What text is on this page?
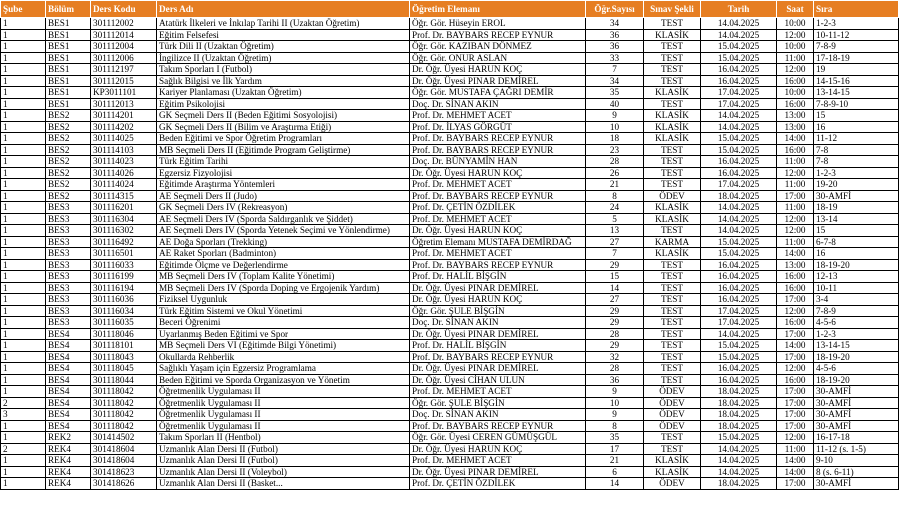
Şube	Bölüm	Ders Kodu	Ders Adı	Öğretim Elemanı	Öğr.Sayısı	Sınav Şekli	Tarih	Saat	Sıra
1	BES1	301112002	Atatürk İlkeleri ve İnkılap Tarihi II (Uzaktan Öğretim)	Öğr. Gör. Hüseyin EROL	34	TEST	14.04.2025	10:00	1-2-3
1	BES1	301112014	Eğitim Felsefesi	Prof. Dr. BAYBARS RECEP EYNUR	36	KLASİK	14.04.2025	12:00	10-11-12
1	BES1	301112004	Türk Dili II (Uzaktan Öğretim)	Öğr. Gör. KAZIBAN DÖNMEZ	36	TEST	15.04.2025	10:00	7-8-9
1	BES1	301112006	İngilizce II (Uzaktan Öğretim)	Öğr. Gör. ONUR ASLAN	33	TEST	15.04.2025	11:00	17-18-19
1	BES1	301112197	Takım Sporları I (Futbol)	Dr. Öğr. Üyesi HARUN KOÇ	7	TEST	16.04.2025	12:00	19
1	BES1	301112015	Sağlık Bilgisi ve İlk Yardım	Dr. Öğr. Üyesi PINAR DEMİREL	34	TEST	16.04.2025	16:00	14-15-16
1	BES1	KP3011101	Kariyer Planlaması (Uzaktan Öğretim)	Öğr. Gör. MUSTAFA ÇAĞRI DEMİR	35	KLASİK	17.04.2025	10:00	13-14-15
1	BES1	301112013	Eğitim Psikolojisi	Doç. Dr. SİNAN AKIN	40	TEST	17.04.2025	16:00	7-8-9-10
1	BES2	301114201	GK Seçmeli Ders II (Beden Eğitimi Sosyolojisi)	Prof. Dr. MEHMET ACET	9	KLASİK	14.04.2025	13:00	15
1	BES2	301114202	GK Seçmeli Ders II (Bilim ve Araştırma Etiği)	Prof. Dr. İLYAS GÖRGÜT	10	KLASİK	14.04.2025	13:00	16
1	BES2	301114025	Beden Eğitimi ve Spor Öğretim Programları	Prof. Dr. BAYBARS RECEP EYNUR	18	KLASİK	15.04.2025	14:00	11-12
1	BES2	301114103	MB Seçmeli Ders II (Eğitimde Program Geliştirme)	Prof. Dr. BAYBARS RECEP EYNUR	23	TEST	15.04.2025	16:00	7-8
1	BES2	301114023	Türk Eğitim Tarihi	Doç. Dr. BÜNYAMİN HAN	28	TEST	16.04.2025	11:00	7-8
1	BES2	301114026	Egzersiz Fizyolojisi	Dr. Öğr. Üyesi HARUN KOÇ	26	TEST	16.04.2025	12:00	1-2-3
1	BES2	301114024	Eğitimde Araştırma Yöntemleri	Prof. Dr. MEHMET ACET	21	TEST	17.04.2025	11:00	19-20
1	BES2	301114315	AE Seçmeli Ders II (Judo)	Prof. Dr. BAYBARS RECEP EYNUR	8	ÖDEV	18.04.2025	17:00	30-AMFİ
1	BES3	301116201	GK Seçmeli Ders IV (Rekreasyon)	Prof. Dr. ÇETİN ÖZDİLEK	24	KLASİK	14.04.2025	11:00	18-19
1	BES3	301116304	AE Seçmeli Ders IV (Sporda Saldırganlık ve Şiddet)	Prof. Dr. MEHMET ACET	5	KLASİK	14.04.2025	12:00	13-14
1	BES3	301116302	AE Seçmeli Ders IV (Sporda Yetenek Seçimi ve Yönlendirme)	Dr. Öğr. Üyesi HARUN KOÇ	13	TEST	14.04.2025	12:00	15
1	BES3	301116492	AE Doğa Sporları (Trekking)	Öğretim Elemanı MUSTAFA DEMİRDAĞ	27	KARMA	15.04.2025	11:00	6-7-8
1	BES3	301116501	AE Raket Sporları (Badminton)	Prof. Dr. MEHMET ACET	7	KLASİK	15.04.2025	14:00	16
1	BES3	301116033	Eğitimde Ölçme ve Değerlendirme	Prof. Dr. BAYBARS RECEP EYNUR	29	TEST	16.04.2025	13:00	18-19-20
1	BES3	301116199	MB Seçmeli Ders IV (Toplam Kalite Yönetimi)	Prof. Dr. HALİL BİŞGİN	15	TEST	16.04.2025	16:00	12-13
1	BES3	301116194	MB Seçmeli Ders IV (Sporda Doping ve Ergojenik Yardım)	Dr. Öğr. Üyesi PINAR DEMİREL	14	TEST	16.04.2025	16:00	10-11
1	BES3	301116036	Fiziksel Uygunluk	Dr. Öğr. Üyesi HARUN KOÇ	27	TEST	16.04.2025	17:00	3-4
1	BES3	301116034	Türk Eğitim Sistemi ve Okul Yönetimi	Öğr. Gör. ŞULE BİŞGİN	29	TEST	17.04.2025	12:00	7-8-9
1	BES3	301116035	Beceri Öğrenimi	Doç. Dr. SİNAN AKIN	29	TEST	17.04.2025	16:00	4-5-6
1	BES4	301118046	Uyarlanmış Beden Eğitimi ve Spor	Dr. Öğr. Üyesi PINAR DEMİREL	28	TEST	14.04.2025	17:00	1-2-3
1	BES4	301118101	MB Seçmeli Ders VI (Eğitimde Bilgi Yönetimi)	Prof. Dr. HALİL BİŞGİN	29	TEST	15.04.2025	14:00	13-14-15
1	BES4	301118043	Okullarda Rehberlik	Prof. Dr. BAYBARS RECEP EYNUR	32	TEST	15.04.2025	17:00	18-19-20
1	BES4	301118045	Sağlıklı Yaşam için Egzersiz Programlama	Dr. Öğr. Üyesi PINAR DEMİREL	28	TEST	16.04.2025	12:00	4-5-6
1	BES4	301118044	Beden Eğitimi ve Sporda Organizasyon ve Yönetim	Dr. Öğr. Üyesi CİHAN ULUN	36	TEST	16.04.2025	16:00	18-19-20
1	BES4	301118042	Öğretmenlik Uygulaması II	Prof. Dr. MEHMET ACET	9	ÖDEV	18.04.2025	17:00	30-AMFİ
2	BES4	301118042	Öğretmenlik Uygulaması II	Öğr. Gör. ŞULE BİŞGİN	10	ÖDEV	18.04.2025	17:00	30-AMFİ
3	BES4	301118042	Öğretmenlik Uygulaması II	Doç. Dr. SİNAN AKIN	9	ÖDEV	18.04.2025	17:00	30-AMFİ
1	BES4	301118042	Öğretmenlik Uygulaması II	Prof. Dr. BAYBARS RECEP EYNUR	8	ÖDEV	18.04.2025	17:00	30-AMFİ
1	REK2	301414502	Takım Sporları II (Hentbol)	Öğr. Gör. Üyesi CEREN GÜMÜŞGÜL	35	TEST	15.04.2025	12:00	16-17-18
2	REK4	301418604	Uzmanlık Alan Dersi II (Futbol)	Dr. Öğr. Üyesi HARUN KOÇ	17	TEST	14.04.2025	11:00	11-12 (s. 1-5)
1	REK4	301418604	Uzmanlık Alan Dersi II (Futbol)	Prof. Dr. MEHMET ACET	21	KLASİK	14.04.2025	14:00	9-10
1	REK4	301418623	Uzmanlık Alan Dersi II (Voleybol)	Dr. Öğr. Üyesi PINAR DEMİREL	6	KLASİK	14.04.2025	14:00	8 (s. 6-11)
1	REK4	301418626	Uzmanlık Alan Dersi II (Basket...	Prof. Dr. ÇETİN ÖZDİLEK	14	ÖDEV	18.04.2025	17:00	30-AMFİ
